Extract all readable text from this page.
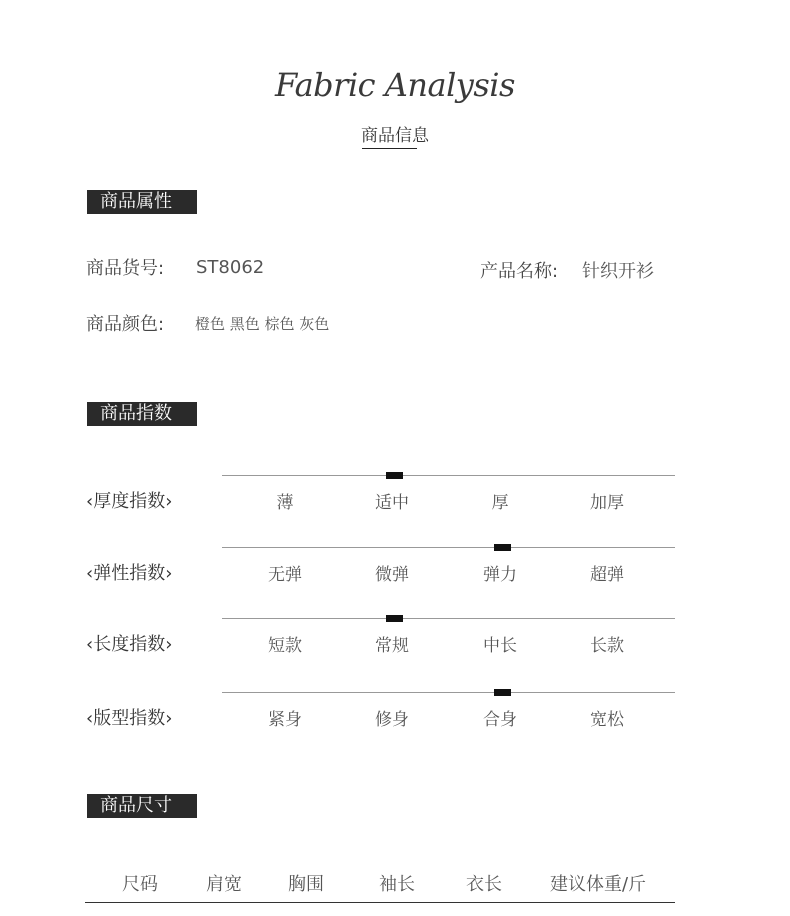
Fabric Analysis
商品信息
商品属性
商品货号: ST8062	产品名称: 针织开衫
商品颜色: 橙色 黑色 棕色 灰色
商品指数
‹厚度指数›	薄	适中	厚	加厚
‹弹性指数›	无弹	微弹	弹力	超弹
‹长度指数›	短款	常规	中长	长款
‹版型指数›	紧身	修身	合身	宽松
商品尺寸
尺码	肩宽	胸围	袖长	衣长	建议体重/斤
